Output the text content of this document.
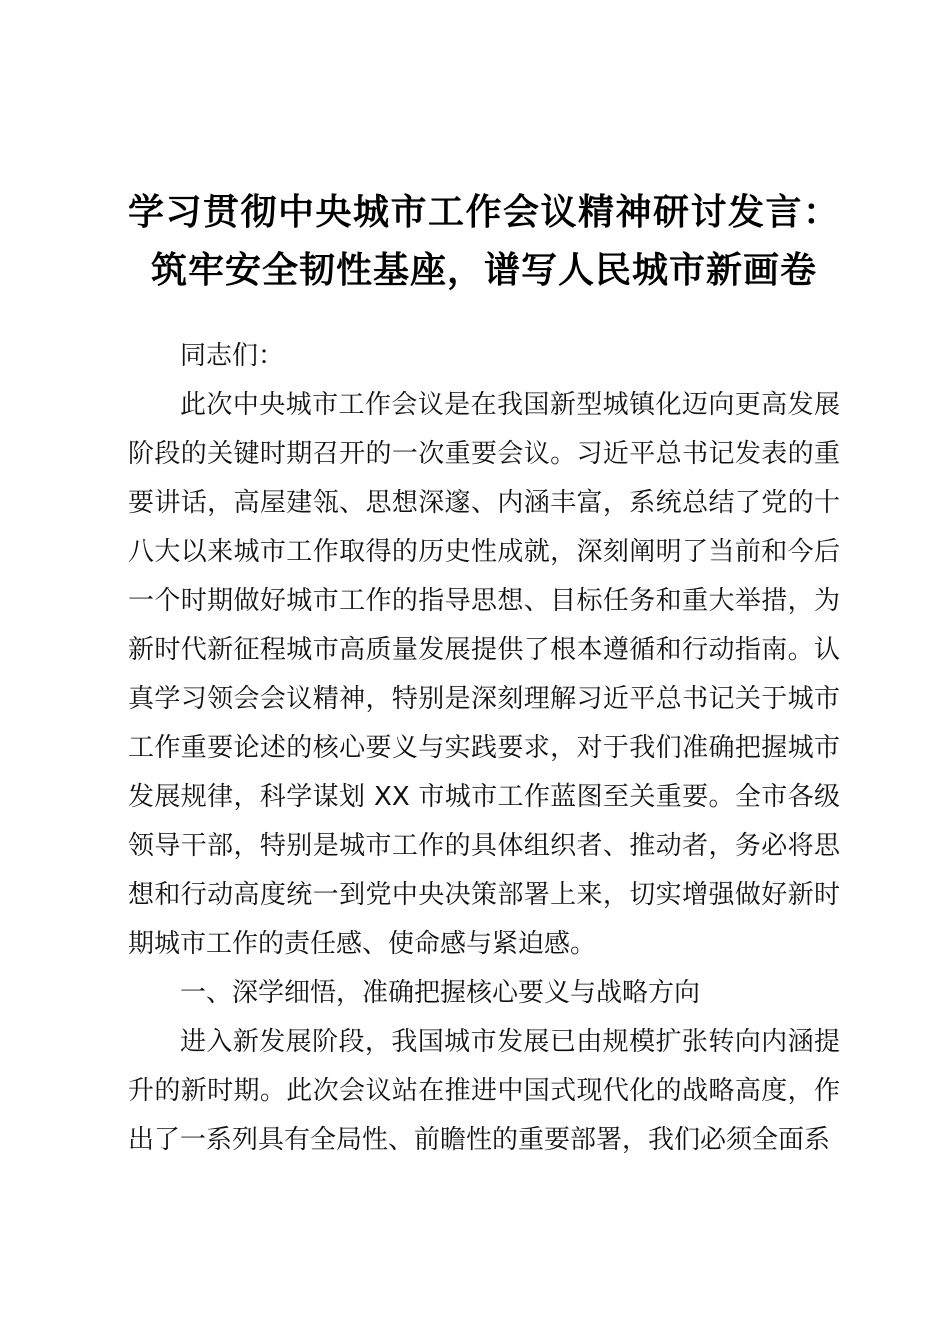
学习贯彻中央城市工作会议精神研讨发言：筑牢安全韧性基座，谱写人民城市新画卷

同志们：

此次中央城市工作会议是在我国新型城镇化迈向更高发展阶段的关键时期召开的一次重要会议。习近平总书记发表的重要讲话，高屋建瓴、思想深邃、内涵丰富，系统总结了党的十八大以来城市工作取得的历史性成就，深刻阐明了当前和今后一个时期做好城市工作的指导思想、目标任务和重大举措，为新时代新征程城市高质量发展提供了根本遵循和行动指南。认真学习领会会议精神，特别是深刻理解习近平总书记关于城市工作重要论述的核心要义与实践要求，对于我们准确把握城市发展规律，科学谋划 XX 市城市工作蓝图至关重要。全市各级领导干部，特别是城市工作的具体组织者、推动者，务必将思想和行动高度统一到党中央决策部署上来，切实增强做好新时期城市工作的责任感、使命感与紧迫感。

一、深学细悟，准确把握核心要义与战略方向

进入新发展阶段，我国城市发展已由规模扩张转向内涵提升的新时期。此次会议站在推进中国式现代化的战略高度，作出了一系列具有全局性、前瞻性的重要部署，我们必须全面系
